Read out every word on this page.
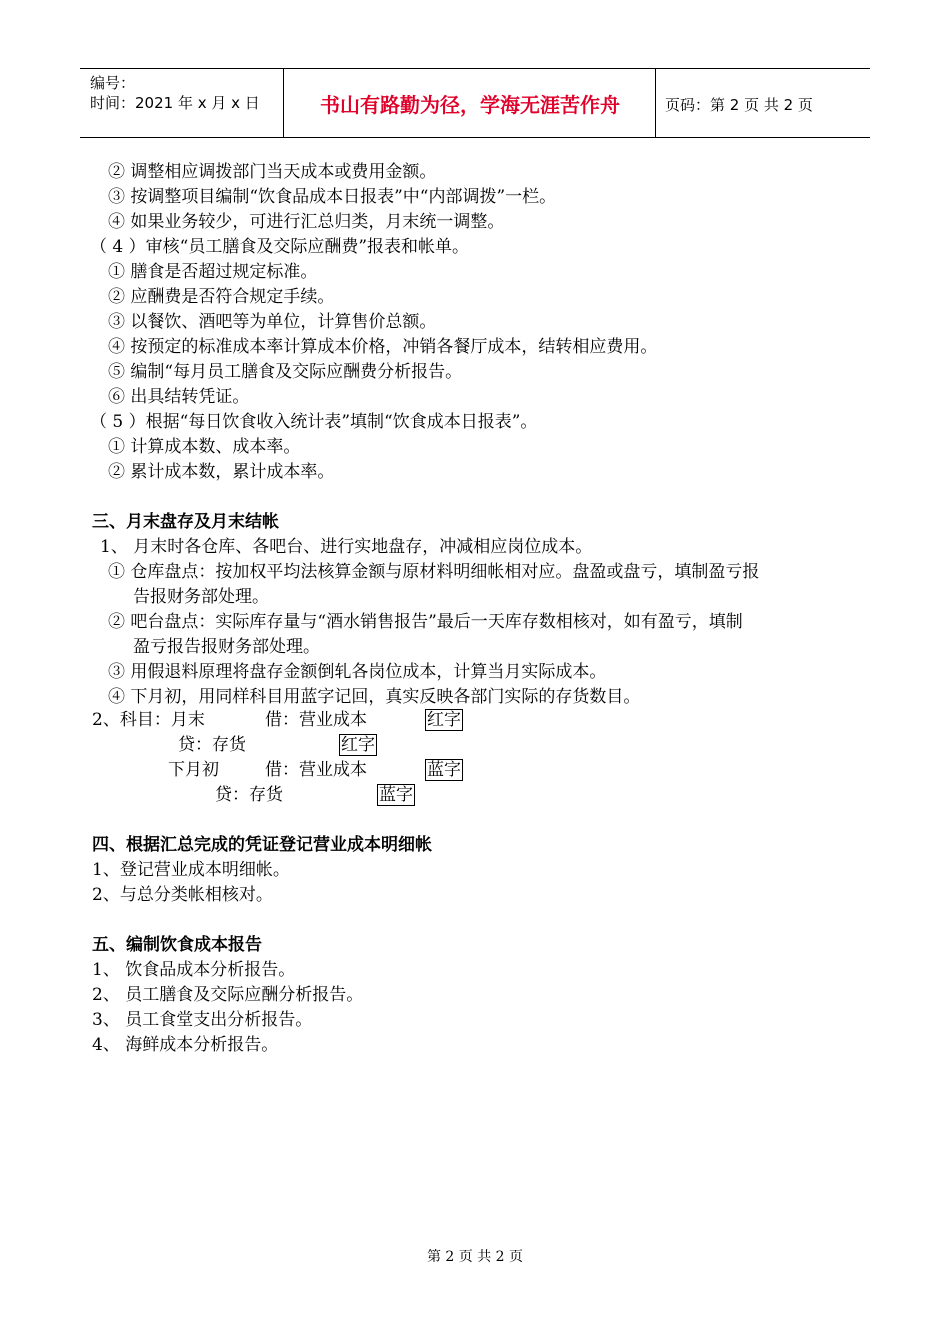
编号：
时间：2021 年 x 月 x 日	书山有路勤为径，学海无涯苦作舟	页码：第 2 页 共 2 页
② 调整相应调拨部门当天成本或费用金额。
③ 按调整项目编制“饮食品成本日报表”中“内部调拨”一栏。
④ 如果业务较少，可进行汇总归类，月末统一调整。
（ 4 ）审核“员工膳食及交际应酬费”报表和帐单。
① 膳食是否超过规定标准。
② 应酬费是否符合规定手续。
③ 以餐饮、酒吧等为单位，计算售价总额。
④ 按预定的标准成本率计算成本价格，冲销各餐厅成本，结转相应费用。
⑤ 编制“每月员工膳食及交际应酬费分析报告。
⑥ 出具结转凭证。
（ 5 ）根据“每日饮食收入统计表”填制“饮食成本日报表”。
① 计算成本数、成本率。
② 累计成本数，累计成本率。
三、月末盘存及月末结帐
1、 月末时各仓库、各吧台、进行实地盘存，冲减相应岗位成本。
① 仓库盘点：按加权平均法核算金额与原材料明细帐相对应。盘盈或盘亏，填制盈亏报
告报财务部处理。
② 吧台盘点：实际库存量与“酒水销售报告”最后一天库存数相核对，如有盈亏，填制
盈亏报告报财务部处理。
③ 用假退料原理将盘存金额倒轧各岗位成本，计算当月实际成本。
④ 下月初，用同样科目用蓝字记回，真实反映各部门实际的存货数目。
2、科目：月末	借：营业成本	红字
贷：存货	红字
下月初	借：营业成本	蓝字
贷：存货	蓝字
四、根据汇总完成的凭证登记营业成本明细帐
1、登记营业成本明细帐。
2、与总分类帐相核对。
五、编制饮食成本报告
1、 饮食品成本分析报告。
2、 员工膳食及交际应酬分析报告。
3、 员工食堂支出分析报告。
4、 海鲜成本分析报告。
第 2 页 共 2 页
